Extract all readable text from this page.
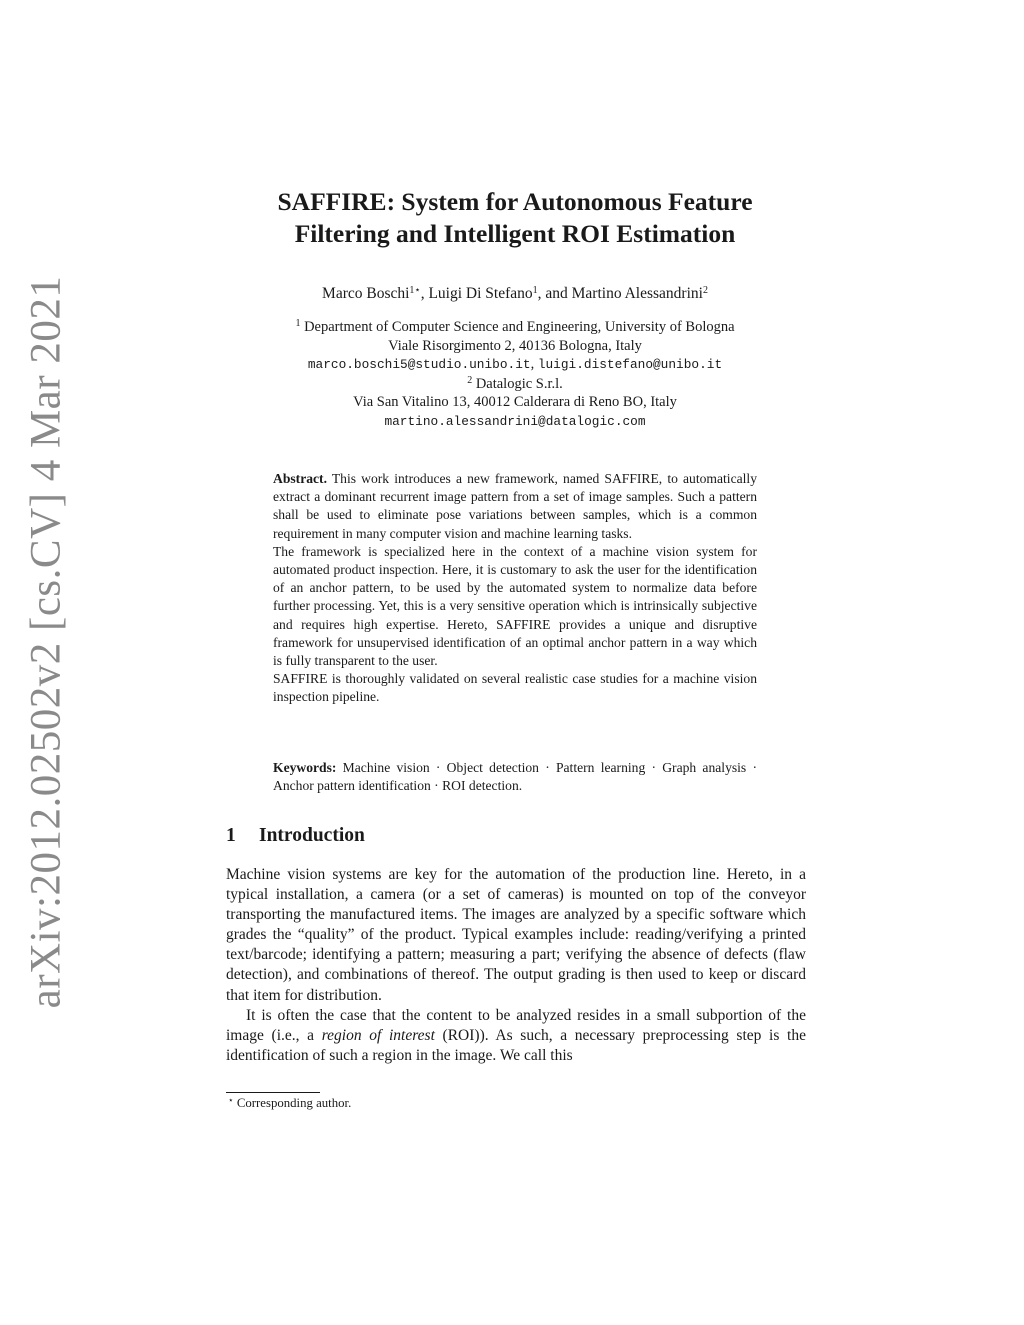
arXiv:2012.02502v2 [cs.CV] 4 Mar 2021
SAFFIRE: System for Autonomous Feature
Filtering and Intelligent ROI Estimation
Marco Boschi$^{1⋆}$, Luigi Di Stefano$^1$, and Martino Alessandrini$^2$
$^1$ Department of Computer Science and Engineering, University of Bologna
Viale Risorgimento 2, 40136 Bologna, Italy
marco.boschi5@studio.unibo.it, luigi.distefano@unibo.it
$^2$ Datalogic S.r.l.
Via San Vitalino 13, 40012 Calderara di Reno BO, Italy
martino.alessandrini@datalogic.com

Abstract. This work introduces a new framework, named SAFFIRE, to automatically extract a dominant recurrent image pattern from a set of image samples. Such a pattern shall be used to eliminate pose variations between samples, which is a common requirement in many computer vision and machine learning tasks.

The framework is specialized here in the context of a machine vision system for automated product inspection. Here, it is customary to ask the user for the identification of an anchor pattern, to be used by the automated system to normalize data before further processing. Yet, this is a very sensitive operation which is intrinsically subjective and requires high expertise. Hereto, SAFFIRE provides a unique and disruptive framework for unsupervised identification of an optimal anchor pattern in a way which is fully transparent to the user.

SAFFIRE is thoroughly validated on several realistic case studies for a machine vision inspection pipeline.

Keywords: Machine vision · Object detection · Pattern learning · Graph analysis · Anchor pattern identification · ROI detection.
1 Introduction

Machine vision systems are key for the automation of the production line. Hereto, in a typical installation, a camera (or a set of cameras) is mounted on top of the conveyor transporting the manufactured items. The images are analyzed by a specific software which grades the “quality” of the product. Typical examples include: reading/verifying a printed text/barcode; identifying a pattern; measuring a part; verifying the absence of defects (flaw detection), and combinations of thereof. The output grading is then used to keep or discard that item for distribution.

It is often the case that the content to be analyzed resides in a small subportion of the image (i.e., a region of interest (ROI)). As such, a necessary preprocessing step is the identification of such a region in the image. We call this

⋆ Corresponding author.
